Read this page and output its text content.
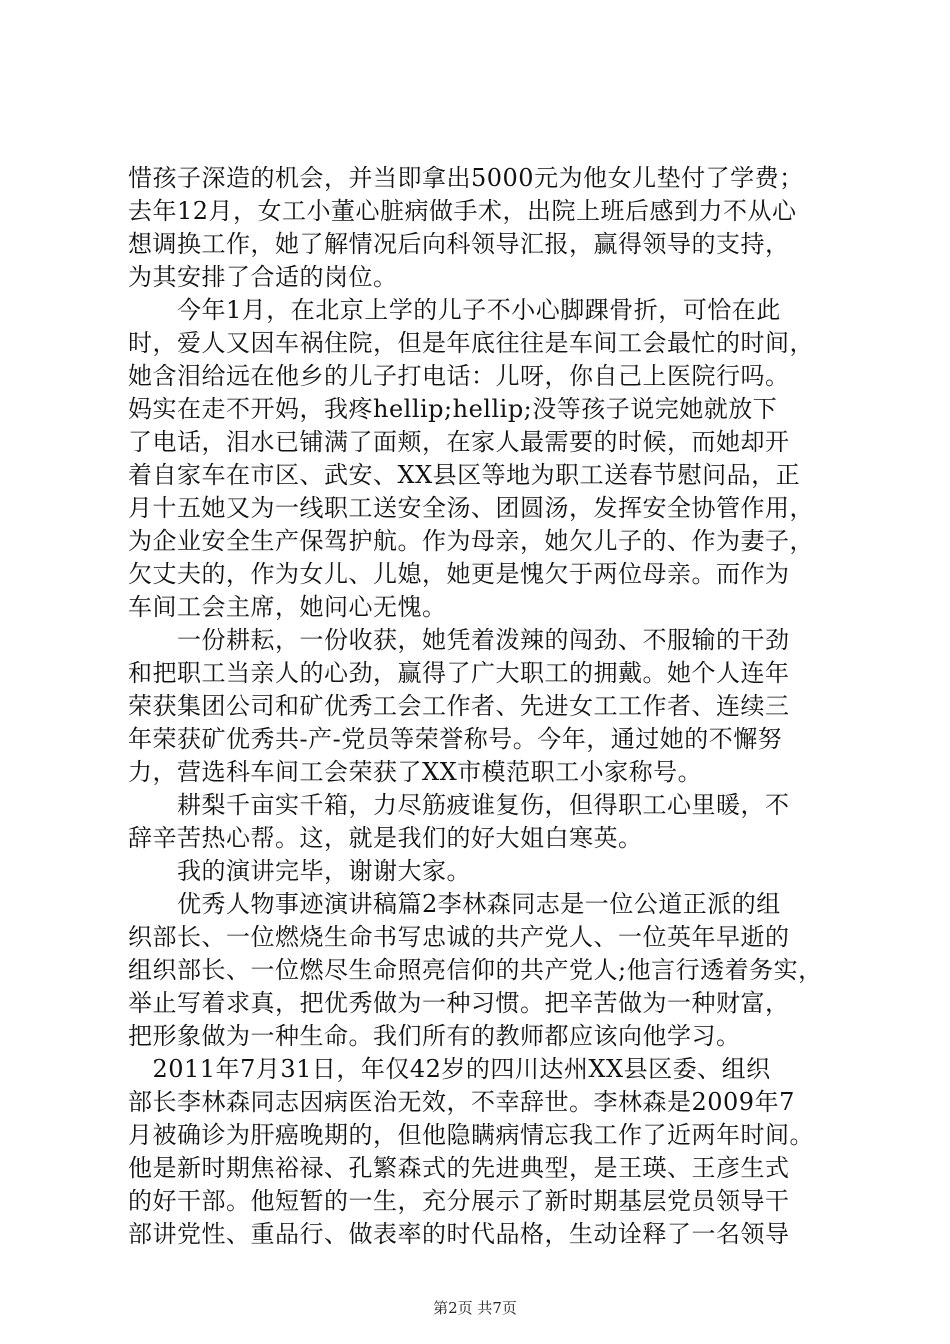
惜孩子深造的机会，并当即拿出5000元为他女儿垫付了学费；
去年12月，女工小董心脏病做手术，出院上班后感到力不从心
想调换工作，她了解情况后向科领导汇报，赢得领导的支持，
为其安排了合适的岗位。
　　今年1月，在北京上学的儿子不小心脚踝骨折，可恰在此
时，爱人又因车祸住院，但是年底往往是车间工会最忙的时间，
她含泪给远在他乡的儿子打电话：儿呀，你自己上医院行吗。
妈实在走不开妈，我疼hellip;hellip;没等孩子说完她就放下
了电话，泪水已铺满了面颊，在家人最需要的时候，而她却开
着自家车在市区、武安、XX县区等地为职工送春节慰问品，正
月十五她又为一线职工送安全汤、团圆汤，发挥安全协管作用，
为企业安全生产保驾护航。作为母亲，她欠儿子的、作为妻子，
欠丈夫的，作为女儿、儿媳，她更是愧欠于两位母亲。而作为
车间工会主席，她问心无愧。
　　一份耕耘，一份收获，她凭着泼辣的闯劲、不服输的干劲
和把职工当亲人的心劲，赢得了广大职工的拥戴。她个人连年
荣获集团公司和矿优秀工会工作者、先进女工工作者、连续三
年荣获矿优秀共-产-党员等荣誉称号。今年，通过她的不懈努
力，营选科车间工会荣获了XX市模范职工小家称号。
　　耕梨千亩实千箱，力尽筋疲谁复伤，但得职工心里暖，不
辞辛苦热心帮。这，就是我们的好大姐白寒英。
　　我的演讲完毕，谢谢大家。
　　优秀人物事迹演讲稿篇2李林森同志是一位公道正派的组
织部长、一位燃烧生命书写忠诚的共产党人、一位英年早逝的
组织部长、一位燃尽生命照亮信仰的共产党人;他言行透着务实，
举止写着求真，把优秀做为一种习惯。把辛苦做为一种财富，
把形象做为一种生命。我们所有的教师都应该向他学习。
　2011年7月31日，年仅42岁的四川达州XX县区委、组织
部长李林森同志因病医治无效，不幸辞世。李林森是2009年7
月被确诊为肝癌晚期的，但他隐瞒病情忘我工作了近两年时间。
他是新时期焦裕禄、孔繁森式的先进典型，是王瑛、王彦生式
的好干部。他短暂的一生，充分展示了新时期基层党员领导干
部讲党性、重品行、做表率的时代品格，生动诠释了一名领导
第2页 共7页
